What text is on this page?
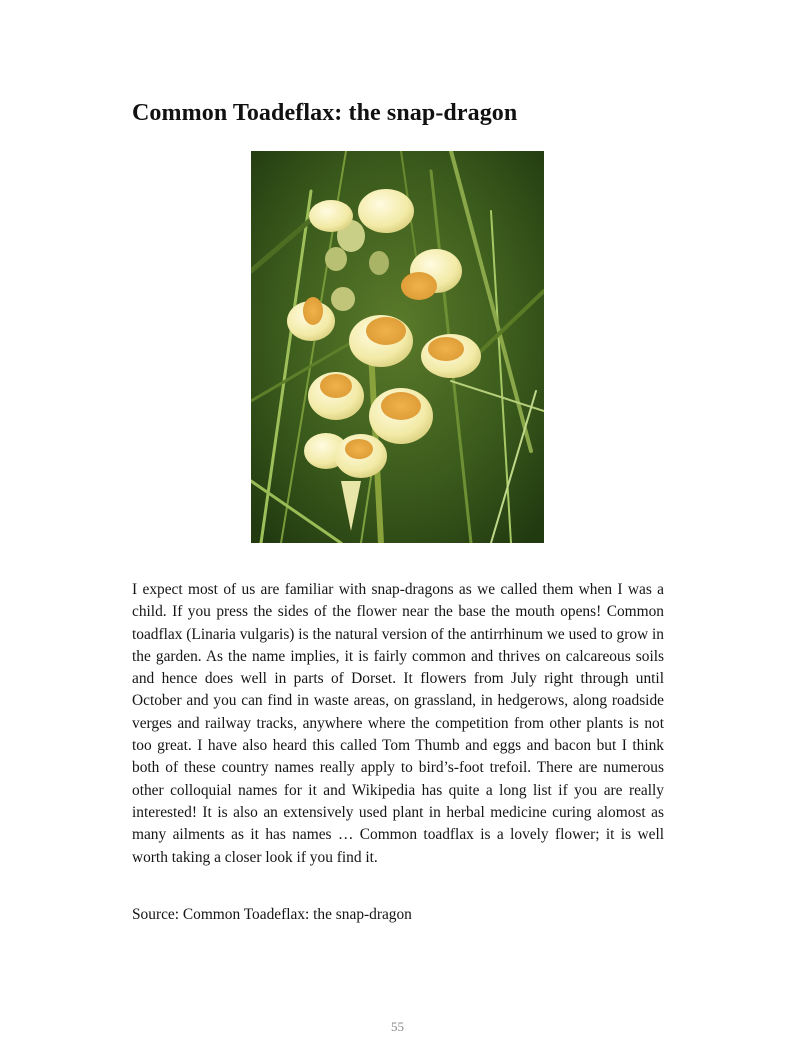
Common Toadeflax: the snap-dragon

I expect most of us are familiar with snap-dragons as we called them when I was a child. If you press the sides of the flower near the base the mouth opens! Common toadflax (Linaria vulgaris) is the natural version of the antirrhinum we used to grow in the garden. As the name implies, it is fairly common and thrives on calcareous soils and hence does well in parts of Dorset. It flowers from July right through until October and you can find in waste areas, on grassland, in hedgerows, along roadside verges and railway tracks, anywhere where the competition from other plants is not too great. I have also heard this called Tom Thumb and eggs and bacon but I think both of these country names really apply to bird’s-foot trefoil. There are numerous other colloquial names for it and Wikipedia has quite a long list if you are really interested! It is also an extensively used plant in herbal medicine curing alomost as many ailments as it has names … Common toadflax is a lovely flower; it is well worth taking a closer look if you find it.

Source: Common Toadeflax: the snap-dragon

55
